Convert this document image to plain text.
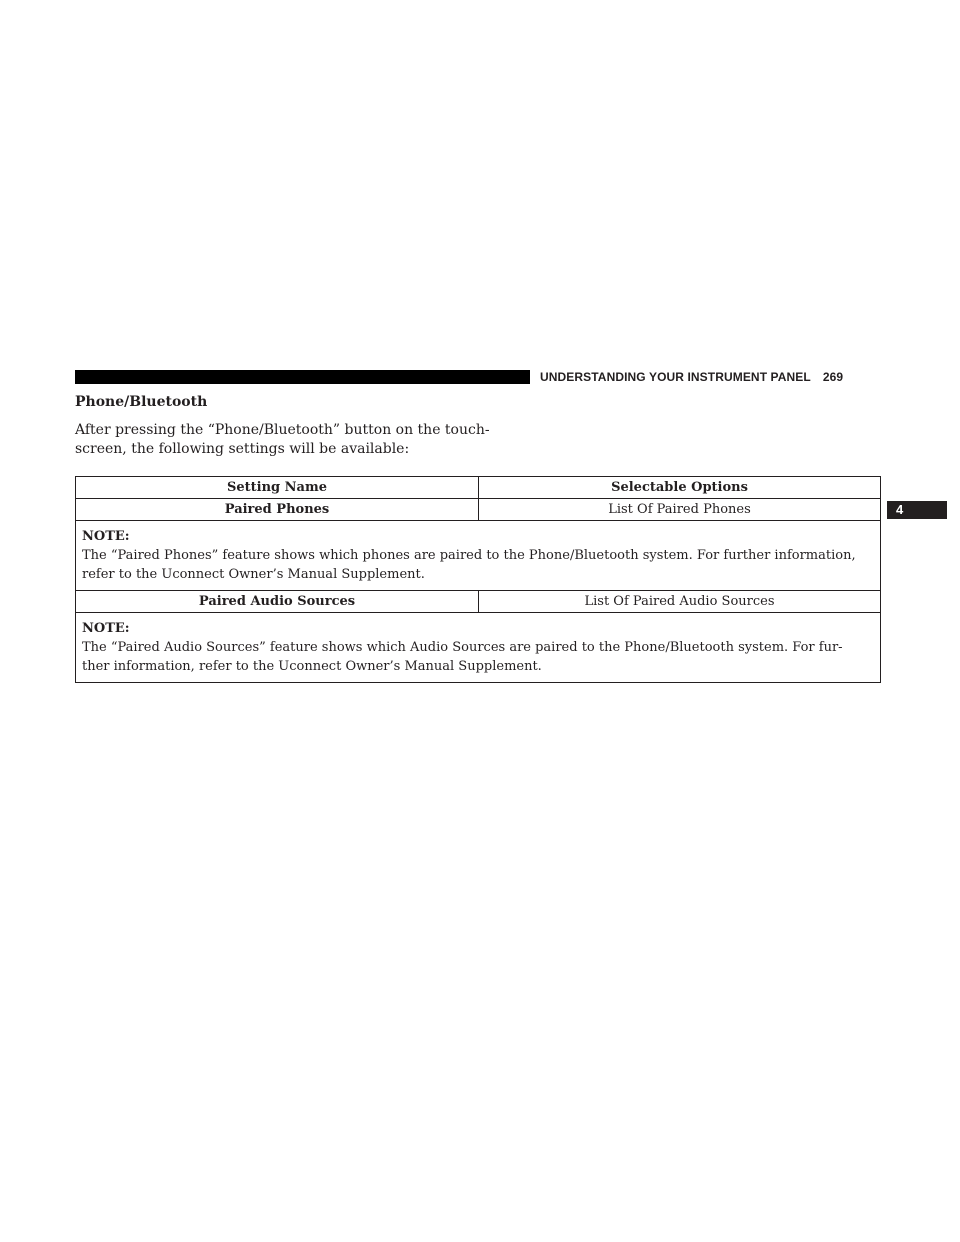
UNDERSTANDING YOUR INSTRUMENT PANEL 269
4
Phone/Bluetooth
After pressing the “Phone/Bluetooth” button on the touch-
screen, the following settings will be available:
Setting Name	Selectable Options
Paired Phones	List Of Paired Phones

NOTE:
The “Paired Phones” feature shows which phones are paired to the Phone/Bluetooth system. For further information,
refer to the Uconnect Owner’s Manual Supplement.	

Paired Audio Sources	List Of Paired Audio Sources

NOTE:
The “Paired Audio Sources” feature shows which Audio Sources are paired to the Phone/Bluetooth system. For fur-
ther information, refer to the Uconnect Owner’s Manual Supplement.	
